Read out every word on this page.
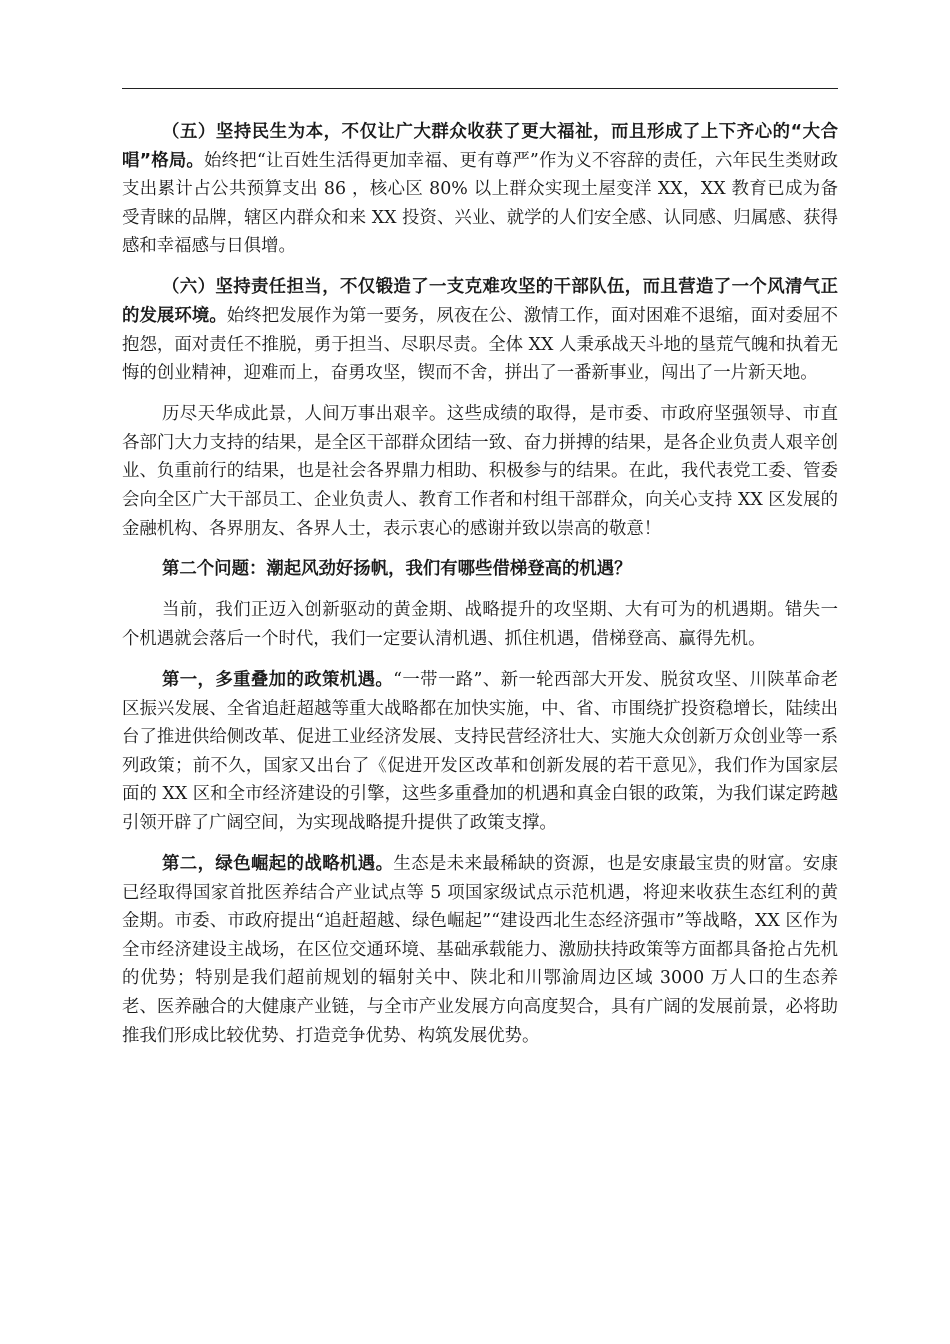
（五）坚持民生为本，不仅让广大群众收获了更大福祉，而且形成了上下齐心的“大合唱”格局。始终把“让百姓生活得更加幸福、更有尊严”作为义不容辞的责任，六年民生类财政支出累计占公共预算支出 86 ，核心区 80% 以上群众实现土屋变洋 XX，XX 教育已成为备受青睐的品牌，辖区内群众和来 XX 投资、兴业、就学的人们安全感、认同感、归属感、获得感和幸福感与日俱增。

（六）坚持责任担当，不仅锻造了一支克难攻坚的干部队伍，而且营造了一个风清气正的发展环境。始终把发展作为第一要务，夙夜在公、激情工作，面对困难不退缩，面对委屈不抱怨，面对责任不推脱，勇于担当、尽职尽责。全体 XX 人秉承战天斗地的垦荒气魄和执着无悔的创业精神，迎难而上，奋勇攻坚，锲而不舍，拼出了一番新事业，闯出了一片新天地。

历尽天华成此景，人间万事出艰辛。这些成绩的取得，是市委、市政府坚强领导、市直各部门大力支持的结果，是全区干部群众团结一致、奋力拼搏的结果，是各企业负责人艰辛创业、负重前行的结果，也是社会各界鼎力相助、积极参与的结果。在此，我代表党工委、管委会向全区广大干部员工、企业负责人、教育工作者和村组干部群众，向关心支持 XX 区发展的金融机构、各界朋友、各界人士，表示衷心的感谢并致以崇高的敬意！

第二个问题：潮起风劲好扬帆，我们有哪些借梯登高的机遇？

当前，我们正迈入创新驱动的黄金期、战略提升的攻坚期、大有可为的机遇期。错失一个机遇就会落后一个时代，我们一定要认清机遇、抓住机遇，借梯登高、赢得先机。

第一，多重叠加的政策机遇。“一带一路”、新一轮西部大开发、脱贫攻坚、川陕革命老区振兴发展、全省追赶超越等重大战略都在加快实施，中、省、市围绕扩投资稳增长，陆续出台了推进供给侧改革、促进工业经济发展、支持民营经济壮大、实施大众创新万众创业等一系列政策；前不久，国家又出台了《促进开发区改革和创新发展的若干意见》，我们作为国家层面的 XX 区和全市经济建设的引擎，这些多重叠加的机遇和真金白银的政策，为我们谋定跨越引领开辟了广阔空间，为实现战略提升提供了政策支撑。

第二，绿色崛起的战略机遇。生态是未来最稀缺的资源，也是安康最宝贵的财富。安康已经取得国家首批医养结合产业试点等 5 项国家级试点示范机遇，将迎来收获生态红利的黄金期。市委、市政府提出“追赶超越、绿色崛起”“建设西北生态经济强市”等战略，XX 区作为全市经济建设主战场，在区位交通环境、基础承载能力、激励扶持政策等方面都具备抢占先机的优势；特别是我们超前规划的辐射关中、陕北和川鄂渝周边区域 3000 万人口的生态养老、医养融合的大健康产业链，与全市产业发展方向高度契合，具有广阔的发展前景，必将助推我们形成比较优势、打造竞争优势、构筑发展优势。
